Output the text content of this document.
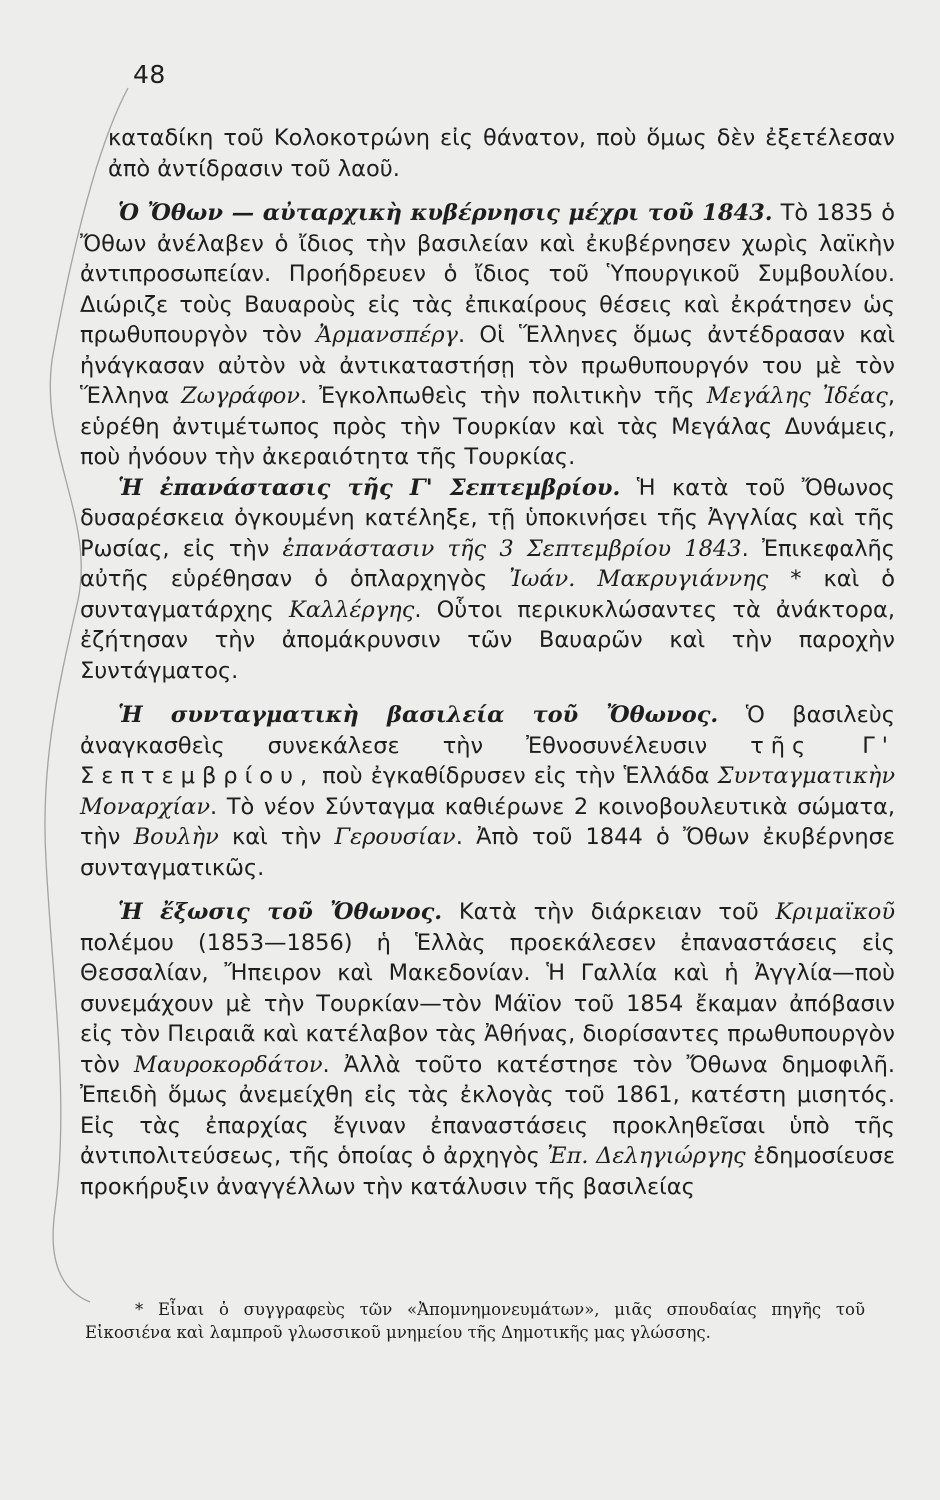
48

καταδίκη τοῦ Κολοκοτρώνη εἰς θάνατον, ποὺ ὅμως δὲν ἐξετέλεσαν ἀπὸ ἀντίδρασιν τοῦ λαοῦ.

Ὁ Ὄθων — αὐταρχικὴ κυβέρνησις μέχρι τοῦ 1843. Τὸ 1835 ὁ Ὄθων ἀνέλαβεν ὁ ἴδιος τὴν βασιλείαν καὶ ἐκυβέρνησεν χωρὶς λαϊκὴν ἀντιπροσωπείαν. Προήδρευεν ὁ ἴδιος τοῦ Ὑπουργικοῦ Συμβουλίου. Διώριζε τοὺς Βαυαροὺς εἰς τὰς ἐπικαίρους θέσεις καὶ ἐκράτησεν ὡς πρωθυπουργὸν τὸν Ἀρμανσπέργ. Οἱ Ἕλληνες ὅμως ἀντέδρασαν καὶ ἠνάγκασαν αὐτὸν νὰ ἀντικαταστήσῃ τὸν πρωθυπουργόν του μὲ τὸν Ἕλληνα Ζωγράφον. Ἐγκολπωθεὶς τὴν πολιτικὴν τῆς Μεγάλης Ἰδέας, εὑρέθη ἀντιμέτωπος πρὸς τὴν Τουρκίαν καὶ τὰς Μεγάλας Δυνάμεις, ποὺ ἠνόουν τὴν ἀκεραιότητα τῆς Τουρκίας.

Ἡ ἐπανάστασις τῆς Γ' Σεπτεμβρίου. Ἡ κατὰ τοῦ Ὄθωνος δυσαρέσκεια ὀγκουμένη κατέληξε, τῇ ὑποκινήσει τῆς Ἀγγλίας καὶ τῆς Ρωσίας, εἰς τὴν ἐπανάστασιν τῆς 3 Σεπτεμβρίου 1843. Ἐπικεφαλῆς αὐτῆς εὑρέθησαν ὁ ὁπλαρχηγὸς Ἰωάν. Μακρυγιάννης * καὶ ὁ συνταγματάρχης Καλλέργης. Οὗτοι περικυκλώσαντες τὰ ἀνάκτορα, ἐζήτησαν τὴν ἀπομάκρυνσιν τῶν Βαυαρῶν καὶ τὴν παροχὴν Συντάγματος.

Ἡ συνταγματικὴ βασιλεία τοῦ Ὄθωνος. Ὁ βασιλεὺς ἀναγκασθεὶς συνεκάλεσε τὴν Ἐθνοσυνέλευσιν τῆς Γ' Σεπτεμβρίου, ποὺ ἐγκαθίδρυσεν εἰς τὴν Ἑλλάδα Συνταγματικὴν Μοναρχίαν. Τὸ νέον Σύνταγμα καθιέρωνε 2 κοινοβουλευτικὰ σώματα, τὴν Βουλὴν καὶ τὴν Γερουσίαν. Ἀπὸ τοῦ 1844 ὁ Ὄθων ἐκυβέρνησε συνταγματικῶς.

Ἡ ἔξωσις τοῦ Ὄθωνος. Κατὰ τὴν διάρκειαν τοῦ Κριμαϊκοῦ πολέμου (1853—1856) ἡ Ἑλλὰς προεκάλεσεν ἐπαναστάσεις εἰς Θεσσαλίαν, Ἤπειρον καὶ Μακεδονίαν. Ἡ Γαλλία καὶ ἡ Ἀγγλία—ποὺ συνεμάχουν μὲ τὴν Τουρκίαν—τὸν Μάϊον τοῦ 1854 ἔκαμαν ἀπόβασιν εἰς τὸν Πειραιᾶ καὶ κατέλαβον τὰς Ἀθήνας, διορίσαντες πρωθυπουργὸν τὸν Μαυροκορδάτον. Ἀλλὰ τοῦτο κατέστησε τὸν Ὄθωνα δημοφιλῆ. Ἐπειδὴ ὅμως ἀνεμείχθη εἰς τὰς ἐκλογὰς τοῦ 1861, κατέστη μισητός. Εἰς τὰς ἐπαρχίας ἔγιναν ἐπαναστάσεις προκληθεῖσαι ὑπὸ τῆς ἀντιπολιτεύσεως, τῆς ὁποίας ὁ ἀρχηγὸς Ἐπ. Δεληγιώργης ἐδημοσίευσε προκήρυξιν ἀναγγέλλων τὴν κατάλυσιν τῆς βασιλείας

* Εἶναι ὁ συγγραφεὺς τῶν «Ἀπομνημονευμάτων», μιᾶς σπουδαίας πηγῆς τοῦ Εἰκοσιένα καὶ λαμπροῦ γλωσσικοῦ μνημείου τῆς Δημοτικῆς μας γλώσσης.
